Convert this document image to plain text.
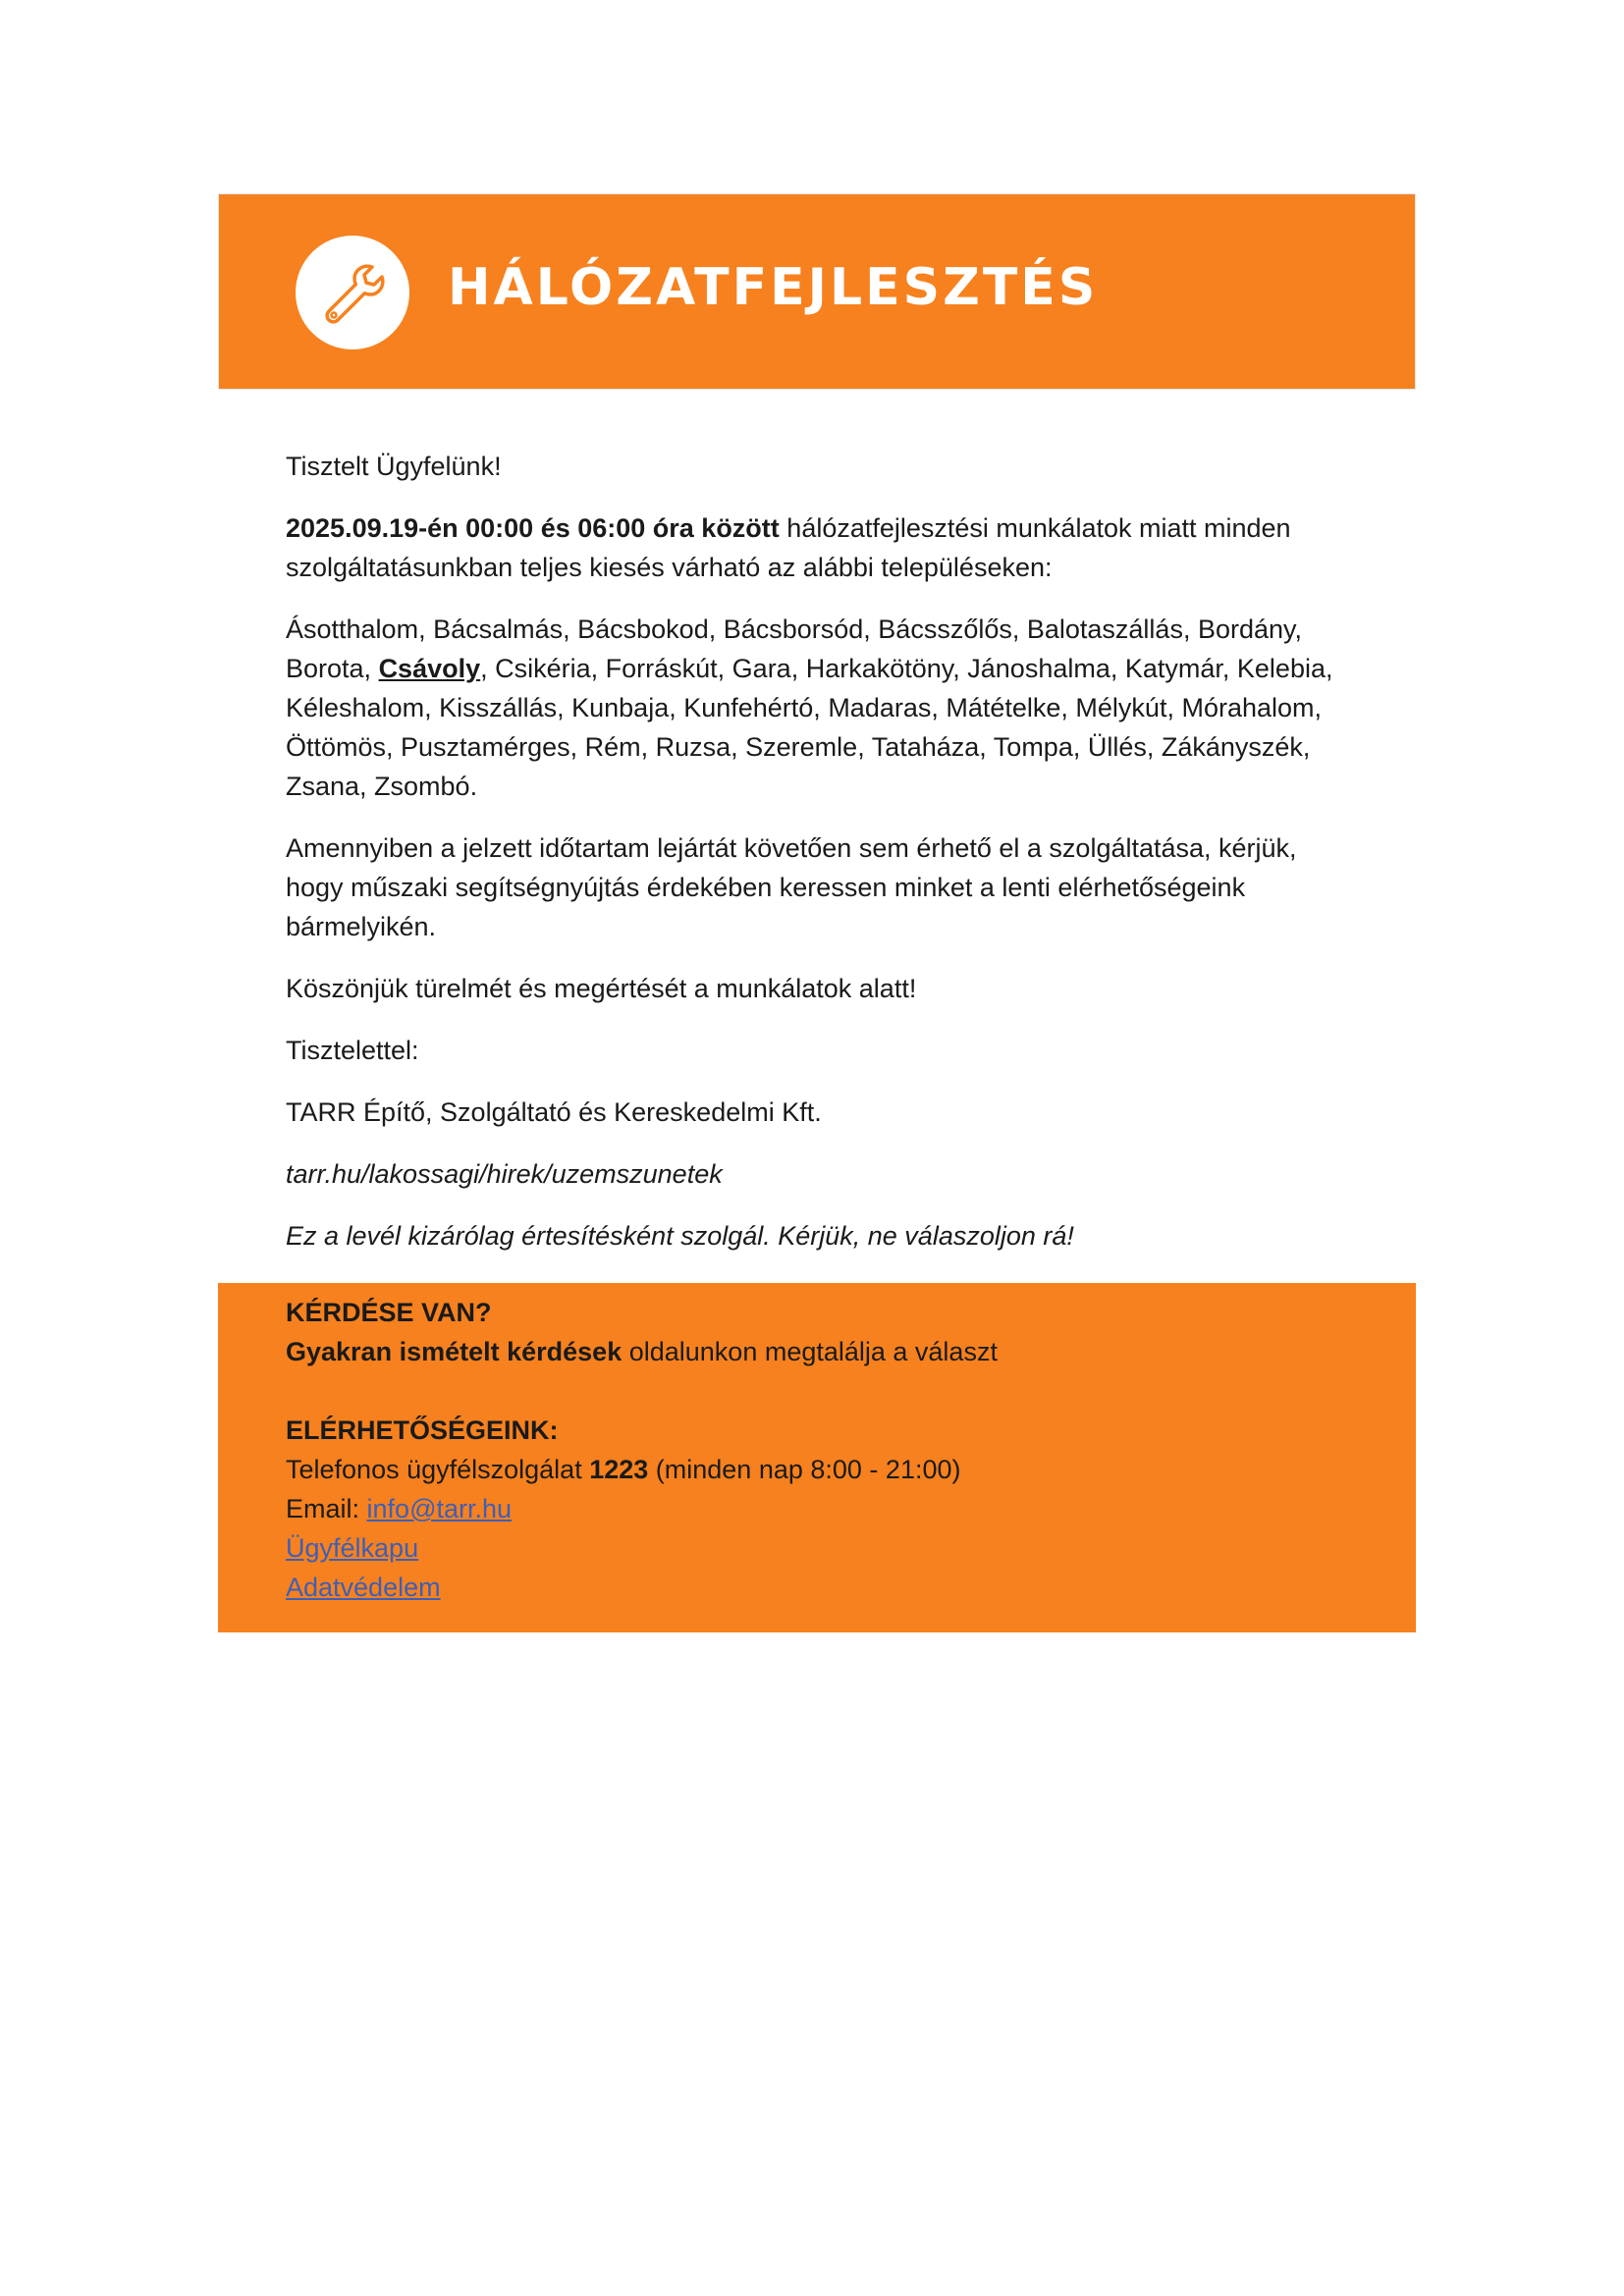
HÁLÓZATFEJLESZTÉS

Tisztelt Ügyfelünk!

2025.09.19-én 00:00 és 06:00 óra között hálózatfejlesztési munkálatok miatt minden szolgáltatásunkban teljes kiesés várható az alábbi településeken:

Ásotthalom, Bácsalmás, Bácsbokod, Bácsborsód, Bácsszőlős, Balotaszállás, Bordány, Borota, Csávoly, Csikéria, Forráskút, Gara, Harkakötöny, Jánoshalma, Katymár, Kelebia, Kéleshalom, Kisszállás, Kunbaja, Kunfehértó, Madaras, Mátételke, Mélykút, Mórahalom, Öttömös, Pusztamérges, Rém, Ruzsa, Szeremle, Tataháza, Tompa, Üllés, Zákányszék, Zsana, Zsombó.

Amennyiben a jelzett időtartam lejártát követően sem érhető el a szolgáltatása, kérjük, hogy műszaki segítségnyújtás érdekében keressen minket a lenti elérhetőségeink bármelyikén.

Köszönjük türelmét és megértését a munkálatok alatt!

Tisztelettel:

TARR Építő, Szolgáltató és Kereskedelmi Kft.

tarr.hu/lakossagi/hirek/uzemszunetek

Ez a levél kizárólag értesítésként szolgál. Kérjük, ne válaszoljon rá!

KÉRDÉSE VAN?
Gyakran ismételt kérdések oldalunkon megtalálja a választ
ELÉRHETŐSÉGEINK:
Telefonos ügyfélszolgálat 1223 (minden nap 8:00 - 21:00)
Email: info@tarr.hu
Ügyfélkapu
Adatvédelem
